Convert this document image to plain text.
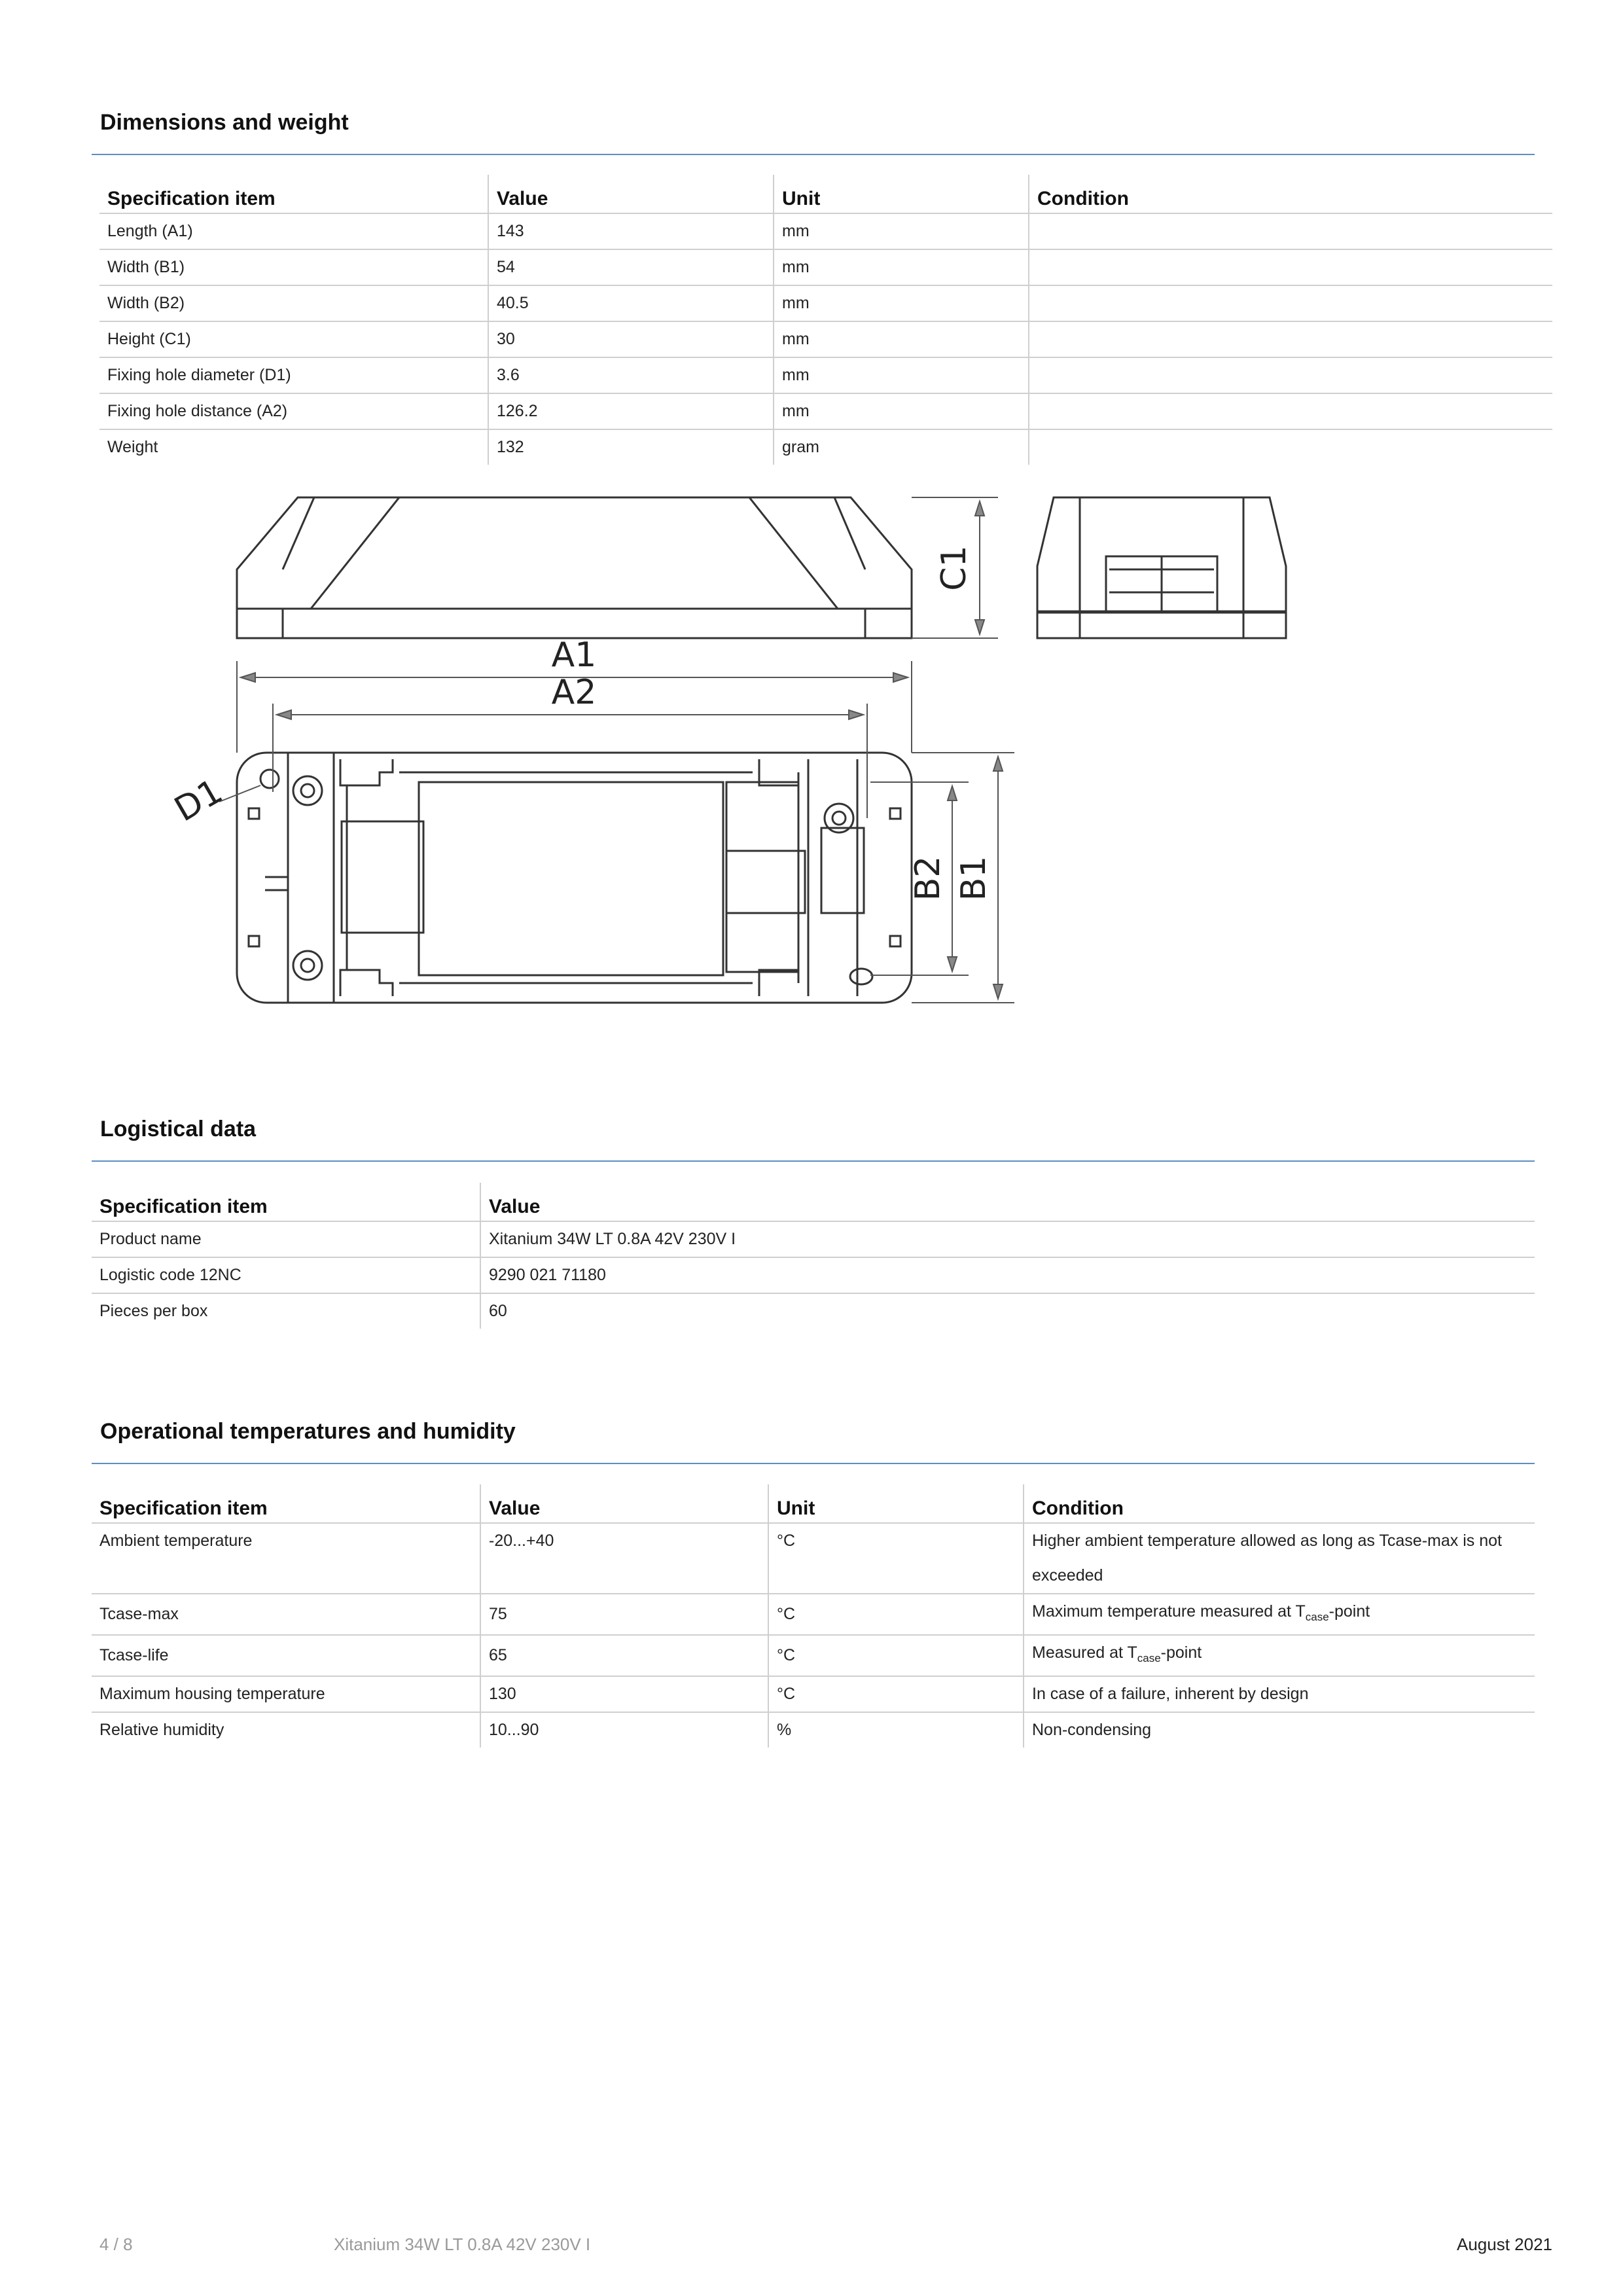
Dimensions and weight
Specification item	Value	Unit	Condition
Length (A1)	143	mm	
Width (B1)	54	mm	
Width (B2)	40.5	mm	
Height (C1)	30	mm	
Fixing hole diameter (D1)	3.6	mm	
Fixing hole distance (A2)	126.2	mm	
Weight	132	gram	
A1
A2
C1
B1
B2
D1
Logistical data
Specification item	Value
Product name	Xitanium 34W LT 0.8A 42V 230V I
Logistic code 12NC	9290 021 71180
Pieces per box	60
Operational temperatures and humidity
Specification item	Value	Unit	Condition
Ambient temperature	-20...+40	°C	Higher ambient temperature allowed as long as Tcase-max is not exceeded
Tcase-max	75	°C	Maximum temperature measured at $T_{case}$-point
Tcase-life	65	°C	Measured at $T_{case}$-point
Maximum housing temperature	130	°C	In case of a failure, inherent by design
Relative humidity	10...90	%	Non-condensing
4 / 8	Xitanium 34W LT 0.8A 42V 230V I	August 2021
